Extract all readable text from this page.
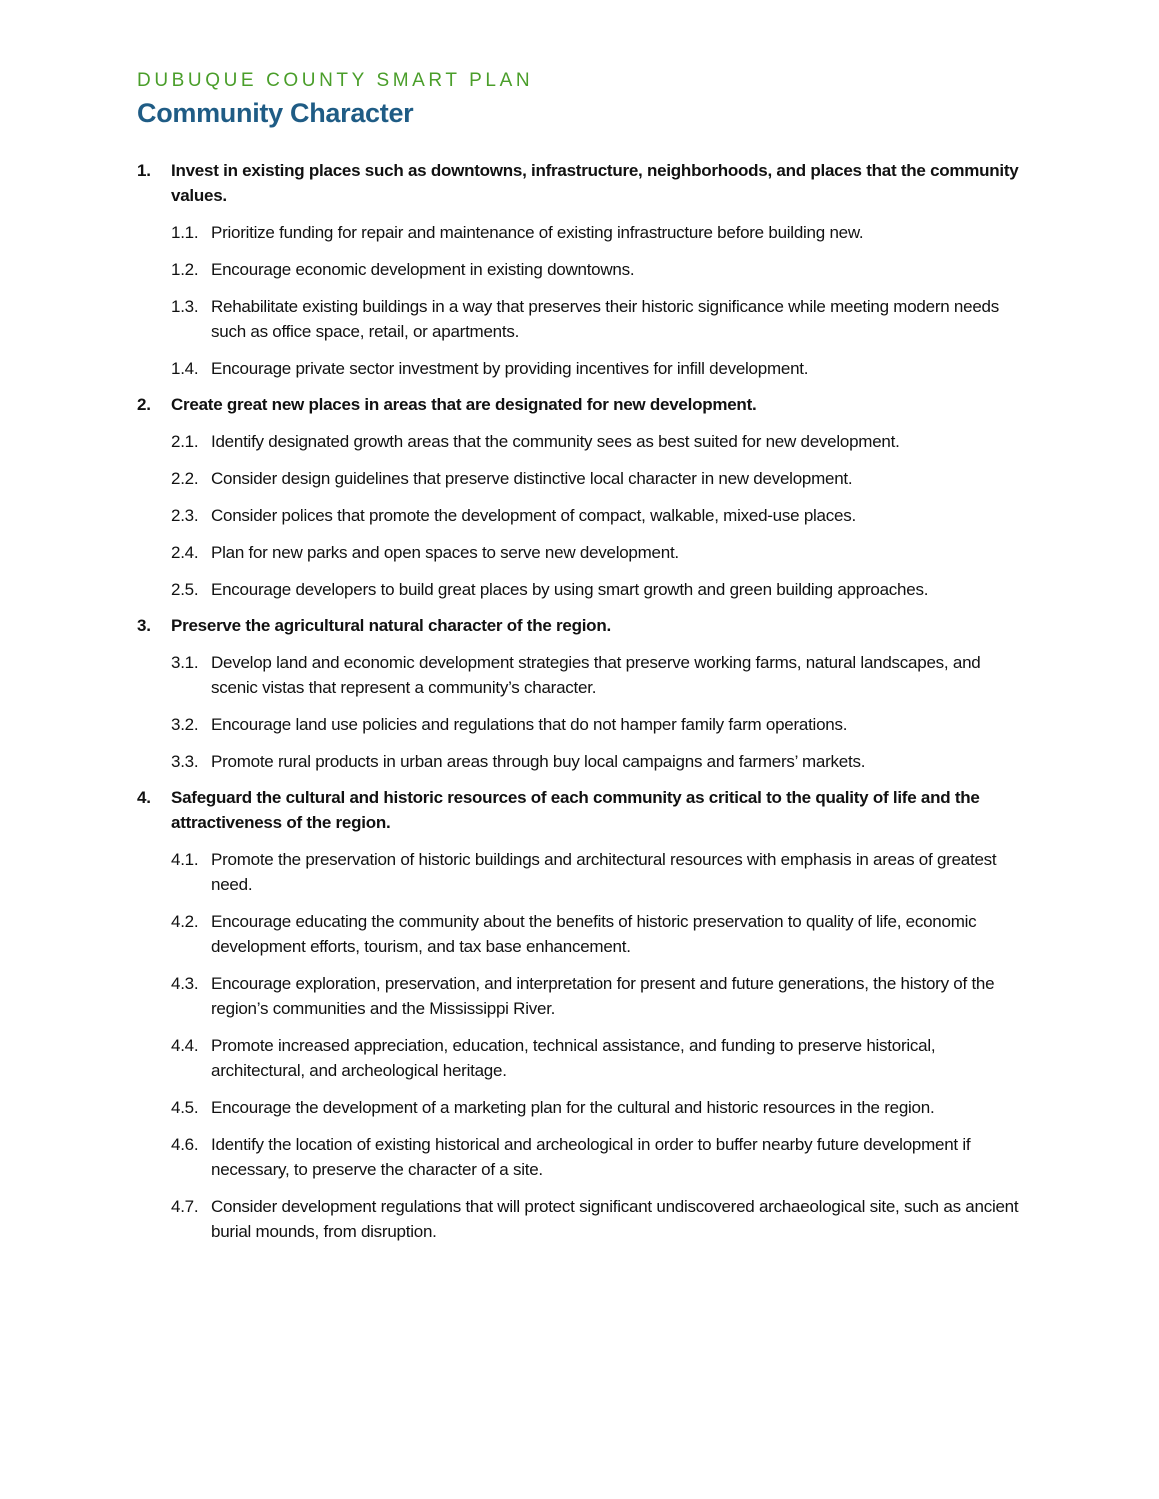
DUBUQUE COUNTY SMART PLAN
Community Character
1.	Invest in existing places such as downtowns, infrastructure, neighborhoods, and places that the community values.
1.1. Prioritize funding for repair and maintenance of existing infrastructure before building new.
1.2. Encourage economic development in existing downtowns.
1.3. Rehabilitate existing buildings in a way that preserves their historic significance while meeting modern needs such as office space, retail, or apartments.
1.4. Encourage private sector investment by providing incentives for infill development.
2.	Create great new places in areas that are designated for new development.
2.1. Identify designated growth areas that the community sees as best suited for new development.
2.2. Consider design guidelines that preserve distinctive local character in new development.
2.3. Consider polices that promote the development of compact, walkable, mixed-use places.
2.4. Plan for new parks and open spaces to serve new development.
2.5. Encourage developers to build great places by using smart growth and green building approaches.
3.	Preserve the agricultural natural character of the region.
3.1. Develop land and economic development strategies that preserve working farms, natural landscapes, and scenic vistas that represent a community’s character.
3.2. Encourage land use policies and regulations that do not hamper family farm operations.
3.3. Promote rural products in urban areas through buy local campaigns and farmers’ markets.
4.	Safeguard the cultural and historic resources of each community as critical to the quality of life and the attractiveness of the region.
4.1. Promote the preservation of historic buildings and architectural resources with emphasis in areas of greatest need.
4.2. Encourage educating the community about the benefits of historic preservation to quality of life, economic development efforts, tourism, and tax base enhancement.
4.3. Encourage exploration, preservation, and interpretation for present and future generations, the history of the region’s communities and the Mississippi River.
4.4. Promote increased appreciation, education, technical assistance, and funding to preserve historical, architectural, and archeological heritage.
4.5. Encourage the development of a marketing plan for the cultural and historic resources in the region.
4.6. Identify the location of existing historical and archeological in order to buffer nearby future development if necessary, to preserve the character of a site.
4.7. Consider development regulations that will protect significant undiscovered archaeological site, such as ancient burial mounds, from disruption.
